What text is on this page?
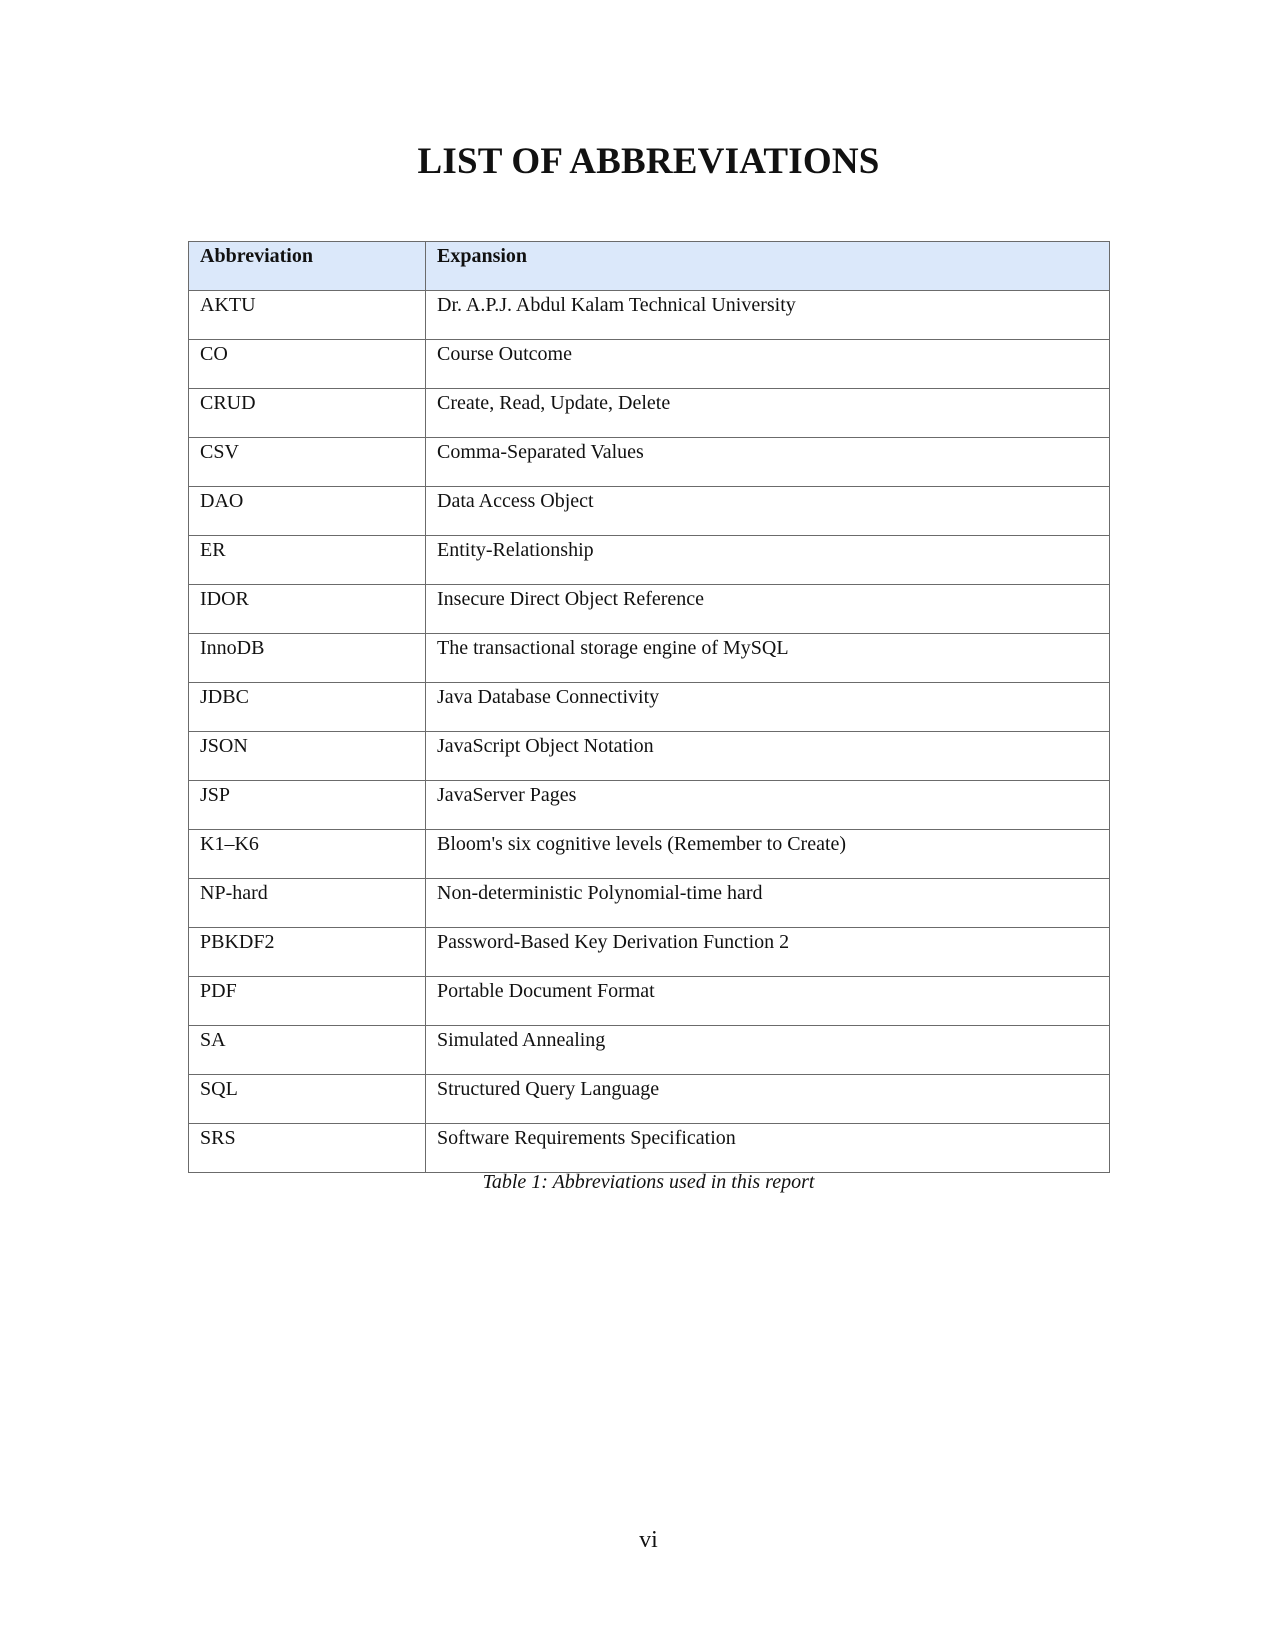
LIST OF ABBREVIATIONS
Abbreviation	Expansion
AKTU	Dr. A.P.J. Abdul Kalam Technical University
CO	Course Outcome
CRUD	Create, Read, Update, Delete
CSV	Comma-Separated Values
DAO	Data Access Object
ER	Entity-Relationship
IDOR	Insecure Direct Object Reference
InnoDB	The transactional storage engine of MySQL
JDBC	Java Database Connectivity
JSON	JavaScript Object Notation
JSP	JavaServer Pages
K1–K6	Bloom's six cognitive levels (Remember to Create)
NP-hard	Non-deterministic Polynomial-time hard
PBKDF2	Password-Based Key Derivation Function 2
PDF	Portable Document Format
SA	Simulated Annealing
SQL	Structured Query Language
SRS	Software Requirements Specification
Table 1: Abbreviations used in this report
vi
